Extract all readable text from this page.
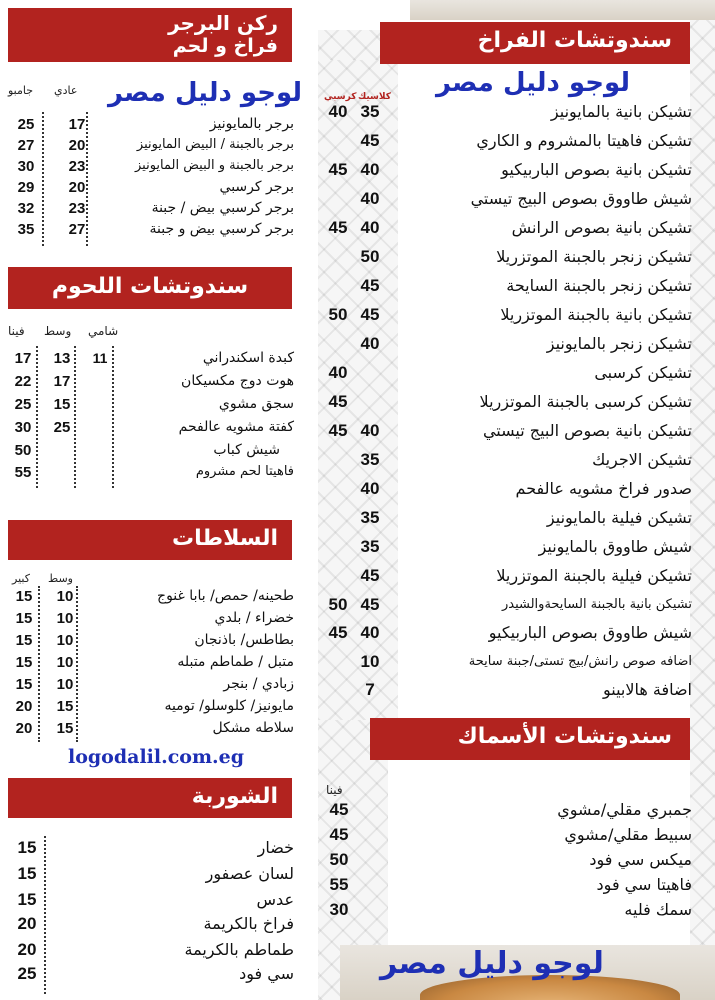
ركن البرجر
فراخ و لحم
عادي
جامبو	لوجو دليل مصر
برجر بالمايونيز
17
25
برجر بالجبنة / البيض المايونيز
20
27
برجر بالجبنة و البيض المايونيز
23
30
برجر كرسبي
20
29
برجر كرسبي بيض / جبنة
23
32
برجر كرسبي بيض و جبنة
27
35
سندوتشات اللحوم
شامي
وسط
فينا
كبدة اسكندراني
11
13
17
هوت دوج مكسيكان
17
22
سجق مشوي
15
25
كفتة مشويه عالفحم
25
30
شيش كباب
50
فاهيتا لحم مشروم
55
السلاطات
وسط
كبير
طحينه/ حمص/ بابا غنوج
10
15
خضراء / بلدي
10
15
بطاطس/ باذنجان
10
15
متبل / طماطم متبله
10
15
زبادي / بنجر
10
15
مايونيز/ كلوسلو/ تومیه
15
20
سلاطه مشكل
15
20
logodalil.com.eg
الشوربة
خضار
15
لسان عصفور
15
عدس
15
فراخ بالكريمة
20
طماطم بالكريمة
20
سي فود
25
سندوتشات الفراخ
لوجو دليل مصر
كلاسيك
كرسبي
تشيكن بانية بالمايونيز
35
40
تشيكن فاهيتا بالمشروم و الكاري
45
تشيكن بانية بصوص الباربيكيو
40
45
شيش طاووق بصوص البيج تيستي
40
تشيكن بانية بصوص الرانش
40
45
تشيكن زنجر بالجبنة الموتزريلا
50
تشيكن زنجر بالجبنة السايحة
45
تشيكن بانية بالجبنة الموتزريلا
45
50
تشيكن زنجر بالمايونيز
40
تشيكن كرسبى
40
تشيكن كرسبى بالجبنة الموتزريلا
45
تشيكن بانية بصوص البيج تيستي
40
45
تشيكن الاجريك
35
صدور فراخ مشويه عالفحم
40
تشيكن فيلية بالمايونيز
35
شيش طاووق بالمايونيز
35
تشيكن فيلية بالجبنة الموتزريلا
45
تشيكن بانية بالجبنة السايحةوالشيدر
45
50
شيش طاووق بصوص الباربيكيو
40
45
اضافه صوص رانش/بيج تستى/جبنة سايحة
10
اضافة هالابينو
7
سندوتشات الأسماك
فينا
جمبري مقلي/مشوي
45
سبيط مقلي/مشوي
45
ميكس سي فود
50
فاهيتا سي فود
55
سمك فليه
30
لوجو دليل مصر
